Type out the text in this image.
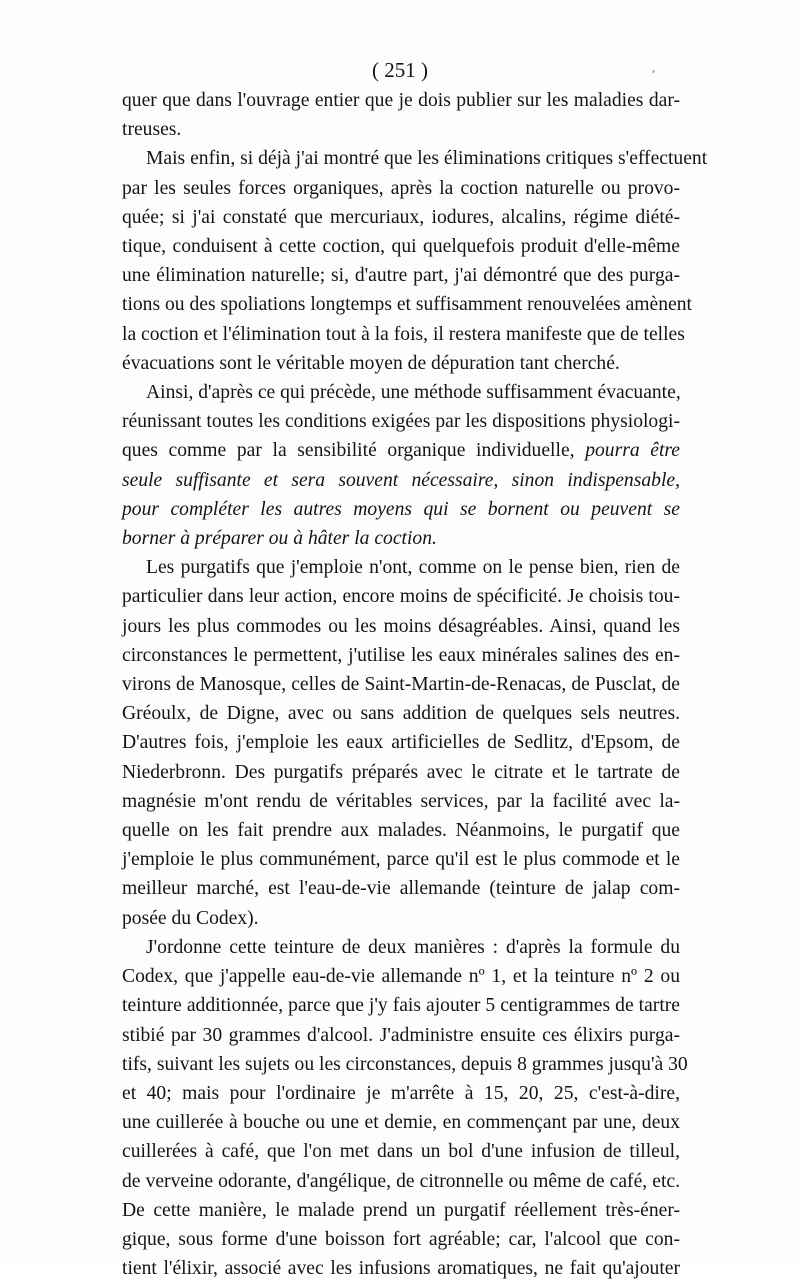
( 251 )
quer que dans l'ouvrage entier que je dois publier sur les maladies dar-
treuses.
Mais enfin, si déjà j'ai montré que les éliminations critiques s'effectuent
par les seules forces organiques, après la coction naturelle ou provo-
quée; si j'ai constaté que mercuriaux, iodures, alcalins, régime diété-
tique, conduisent à cette coction, qui quelquefois produit d'elle-même
une élimination naturelle; si, d'autre part, j'ai démontré que des purga-
tions ou des spoliations longtemps et suffisamment renouvelées amènent
la coction et l'élimination tout à la fois, il restera manifeste que de telles
évacuations sont le véritable moyen de dépuration tant cherché.
Ainsi, d'après ce qui précède, une méthode suffisamment évacuante,
réunissant toutes les conditions exigées par les dispositions physiologi-
ques comme par la sensibilité organique individuelle, pourra être
seule suffisante et sera souvent nécessaire, sinon indispensable,
pour compléter les autres moyens qui se bornent ou peuvent se
borner à préparer ou à hâter la coction.
Les purgatifs que j'emploie n'ont, comme on le pense bien, rien de
particulier dans leur action, encore moins de spécificité. Je choisis tou-
jours les plus commodes ou les moins désagréables. Ainsi, quand les
circonstances le permettent, j'utilise les eaux minérales salines des en-
virons de Manosque, celles de Saint-Martin-de-Renacas, de Pusclat, de
Gréoulx, de Digne, avec ou sans addition de quelques sels neutres.
D'autres fois, j'emploie les eaux artificielles de Sedlitz, d'Epsom, de
Niederbronn. Des purgatifs préparés avec le citrate et le tartrate de
magnésie m'ont rendu de véritables services, par la facilité avec la-
quelle on les fait prendre aux malades. Néanmoins, le purgatif que
j'emploie le plus communément, parce qu'il est le plus commode et le
meilleur marché, est l'eau-de-vie allemande (teinture de jalap com-
posée du Codex).
J'ordonne cette teinture de deux manières : d'après la formule du
Codex, que j'appelle eau-de-vie allemande nº 1, et la teinture nº 2 ou
teinture additionnée, parce que j'y fais ajouter 5 centigrammes de tartre
stibié par 30 grammes d'alcool. J'administre ensuite ces élixirs purga-
tifs, suivant les sujets ou les circonstances, depuis 8 grammes jusqu'à 30
et 40; mais pour l'ordinaire je m'arrête à 15, 20, 25, c'est-à-dire,
une cuillerée à bouche ou une et demie, en commençant par une, deux
cuillerées à café, que l'on met dans un bol d'une infusion de tilleul,
de verveine odorante, d'angélique, de citronnelle ou même de café, etc.
De cette manière, le malade prend un purgatif réellement très-éner-
gique, sous forme d'une boisson fort agréable; car, l'alcool que con-
tient l'élixir, associé avec les infusions aromatiques, ne fait qu'ajouter
